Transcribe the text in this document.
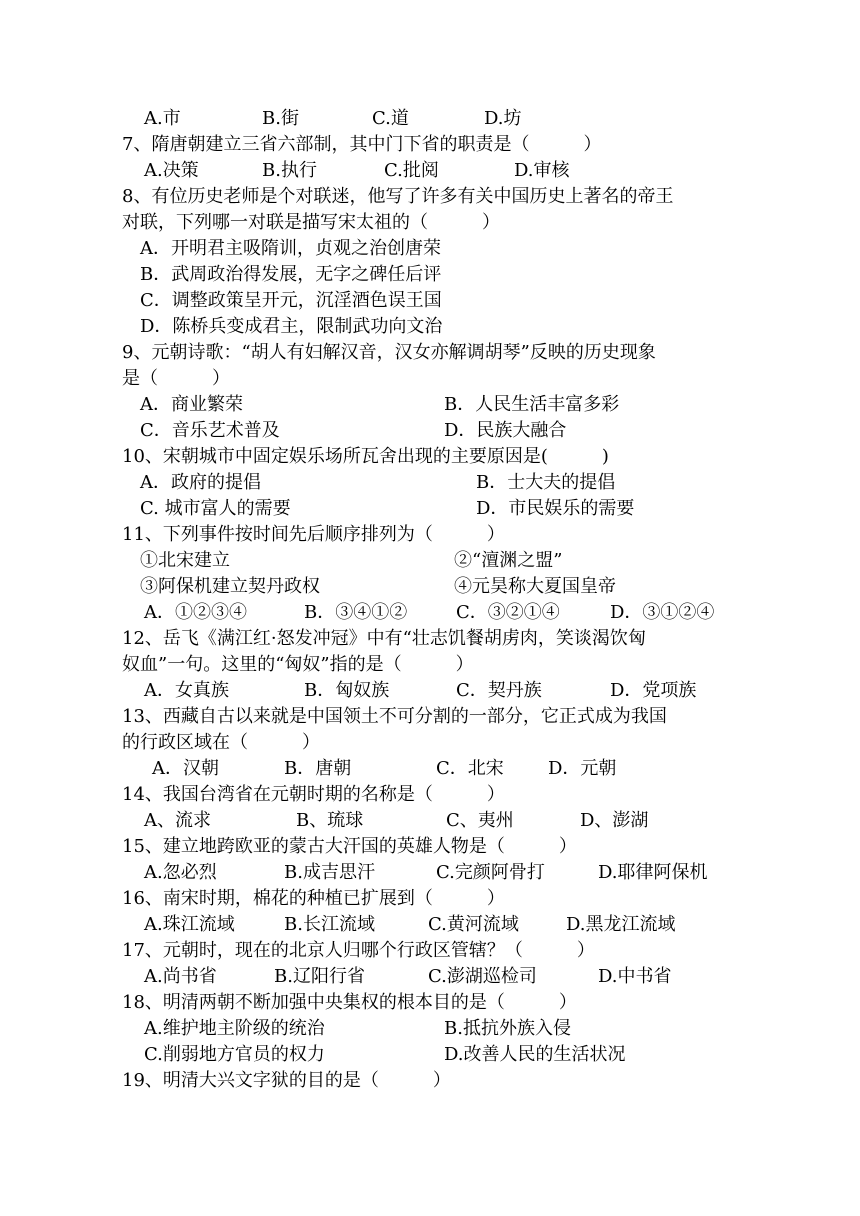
A.市	B.街	C.道	D.坊
7、隋唐朝建立三省六部制，其中门下省的职责是（　　　）
A.决策	B.执行	C.批阅	D.审核
8、有位历史老师是个对联迷，他写了许多有关中国历史上著名的帝王
对联，下列哪一对联是描写宋太祖的（　　　）
A．开明君主吸隋训，贞观之治创唐荣
B．武周政治得发展，无字之碑任后评
C．调整政策呈开元，沉淫酒色误王国
D．陈桥兵变成君主，限制武功向文治
9、元朝诗歌：“胡人有妇解汉音，汉女亦解调胡琴”反映的历史现象
是（　　　）
A．商业繁荣	B．人民生活丰富多彩
C．音乐艺术普及	D．民族大融合
10、宋朝城市中固定娱乐场所瓦舍出现的主要原因是(　　　)
A．政府的提倡	B．士大夫的提倡
C. 城市富人的需要	D．市民娱乐的需要
11、下列事件按时间先后顺序排列为（　　　）
①北宋建立	②“澶渊之盟”
③阿保机建立契丹政权	④元昊称大夏国皇帝
A．①②③④	B．③④①②	C．③②①④	D．③①②④
12、岳飞《满江红·怒发冲冠》中有“壮志饥餐胡虏肉，笑谈渴饮匈
奴血”一句。这里的“匈奴”指的是（　　　）
A．女真族	B．匈奴族	C．契丹族	D．党项族
13、西藏自古以来就是中国领土不可分割的一部分，它正式成为我国
的行政区域在（　　　）
A．汉朝	B．唐朝	C．北宋 D．元朝
14、我国台湾省在元朝时期的名称是（　　　）
A、流求	B、琉球	C、夷州	D、澎湖
15、建立地跨欧亚的蒙古大汗国的英雄人物是（　　　）
A.忽必烈	B.成吉思汗	C.完颜阿骨打	D.耶律阿保机
16、南宋时期，棉花的种植已扩展到（　　　）
A.珠江流域	B.长江流域	C.黄河流域	D.黑龙江流域
17、元朝时，现在的北京人归哪个行政区管辖？（　　　）
A.尚书省	B.辽阳行省	C.澎湖巡检司	D.中书省
18、明清两朝不断加强中央集权的根本目的是（　　　）
A.维护地主阶级的统治	B.抵抗外族入侵
C.削弱地方官员的权力	D.改善人民的生活状况
19、明清大兴文字狱的目的是（　　　）
